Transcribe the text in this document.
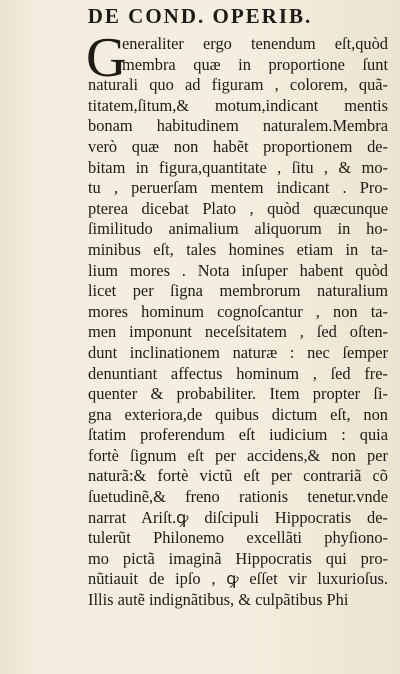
DE COND. OPERIB.
G
eneraliter ergo tenendum eſt,quòd
membra quæ in proportione ſunt
naturali quo ad figuram , colorem, quã-
titatem,ſitum,& motum,indicant mentis
bonam habitudinem naturalem.Membra
verò quæ non habẽt proportionem de-
bitam in figura,quantitate , ſitu , & mo-
tu , peruerſam mentem indicant . Pro-
pterea dicebat Plato , quòd quæcunque
ſimilitudo animalium aliquorum in ho-
minibus eſt, tales homines etiam in ta-
lium mores . Nota inſuper habent quòd
licet per ſigna membrorum naturalium
mores hominum cognoſcantur , non ta-
men imponunt neceſsitatem , ſed oſten-
dunt inclinationem naturæ : nec ſemper
denuntiant affectus hominum , ſed fre-
quenter & probabiliter. Item propter ſi-
gna exteriora,de quibus dictum eſt, non
ſtatim proferendum eſt iudicium : quia
fortè ſignum eſt per accidens,& non per
naturã:& fortè victũ eſt per contrariã cõ
ſuetudinẽ,& freno rationis tenetur.vnde
narrat Ariſt.ꝙ diſcipuli Hippocratis de-
tulerũt Philonemo excellãti phyſiono-
mo pictã imaginã Hippocratis qui pro-
nũtiauit de ipſo , ꝙ eſſet vir luxurioſus.
Illis autẽ indignãtibus, & culpãtibus Phi
